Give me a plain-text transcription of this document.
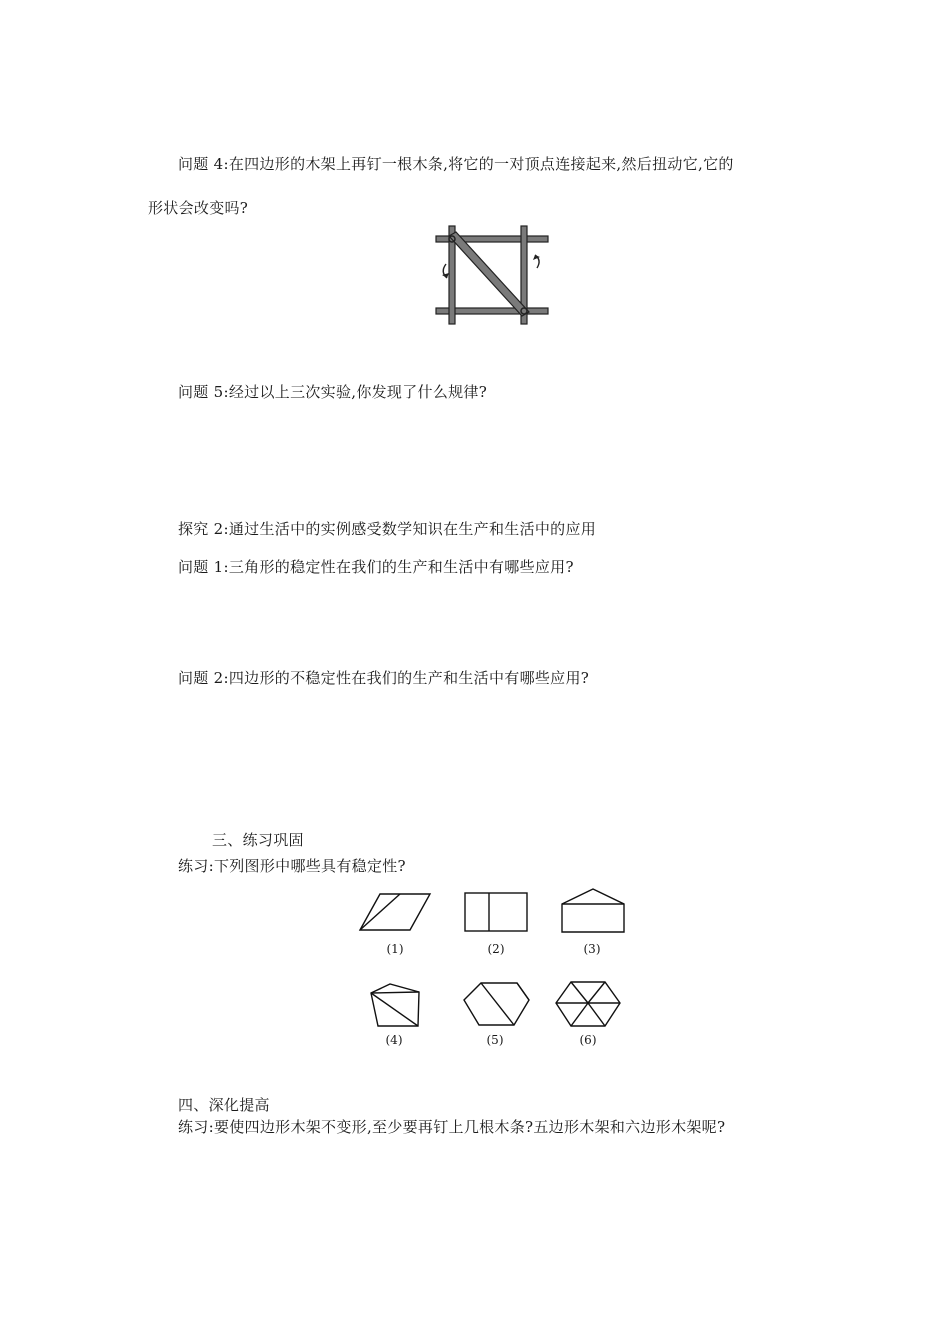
问题 4:在四边形的木架上再钉一根木条,将它的一对顶点连接起来,然后扭动它,它的
形状会改变吗?
问题 5:经过以上三次实验,你发现了什么规律?
探究 2:通过生活中的实例感受数学知识在生产和生活中的应用
问题 1:三角形的稳定性在我们的生产和生活中有哪些应用?
问题 2:四边形的不稳定性在我们的生产和生活中有哪些应用?
三、练习巩固
练习:下列图形中哪些具有稳定性?
(1)	(2)	(3)
(4)	(5)	(6)
四、深化提高
练习:要使四边形木架不变形,至少要再钉上几根木条?五边形木架和六边形木架呢?
